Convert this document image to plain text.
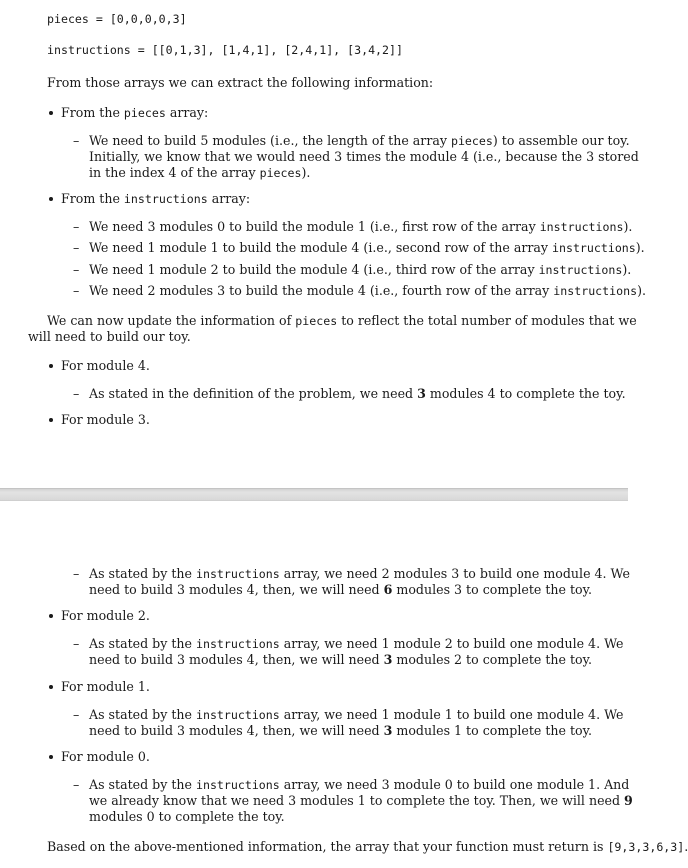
pieces = [0,0,0,0,3]
instructions = [[0,1,3], [1,4,1], [2,4,1], [3,4,2]]
From those arrays we can extract the following information:
From the pieces array:
– We need to build 5 modules (i.e., the length of the array pieces) to assemble our toy.
Initially, we know that we would need 3 times the module 4 (i.e., because the 3 stored
in the index 4 of the array pieces).
From the instructions array:
– We need 3 modules 0 to build the module 1 (i.e., first row of the array instructions).
– We need 1 module 1 to build the module 4 (i.e., second row of the array instructions).
– We need 1 module 2 to build the module 4 (i.e., third row of the array instructions).
– We need 2 modules 3 to build the module 4 (i.e., fourth row of the array instructions).
We can now update the information of pieces to reflect the total number of modules that we
will need to build our toy.
For module 4.
– As stated in the definition of the problem, we need 3 modules 4 to complete the toy.
For module 3.
– As stated by the instructions array, we need 2 modules 3 to build one module 4. We
need to build 3 modules 4, then, we will need 6 modules 3 to complete the toy.
For module 2.
– As stated by the instructions array, we need 1 module 2 to build one module 4. We
need to build 3 modules 4, then, we will need 3 modules 2 to complete the toy.
For module 1.
– As stated by the instructions array, we need 1 module 1 to build one module 4. We
need to build 3 modules 4, then, we will need 3 modules 1 to complete the toy.
For module 0.
– As stated by the instructions array, we need 3 module 0 to build one module 1. And
we already know that we need 3 modules 1 to complete the toy. Then, we will need 9
modules 0 to complete the toy.
Based on the above-mentioned information, the array that your function must return is [9,3,3,6,3].
